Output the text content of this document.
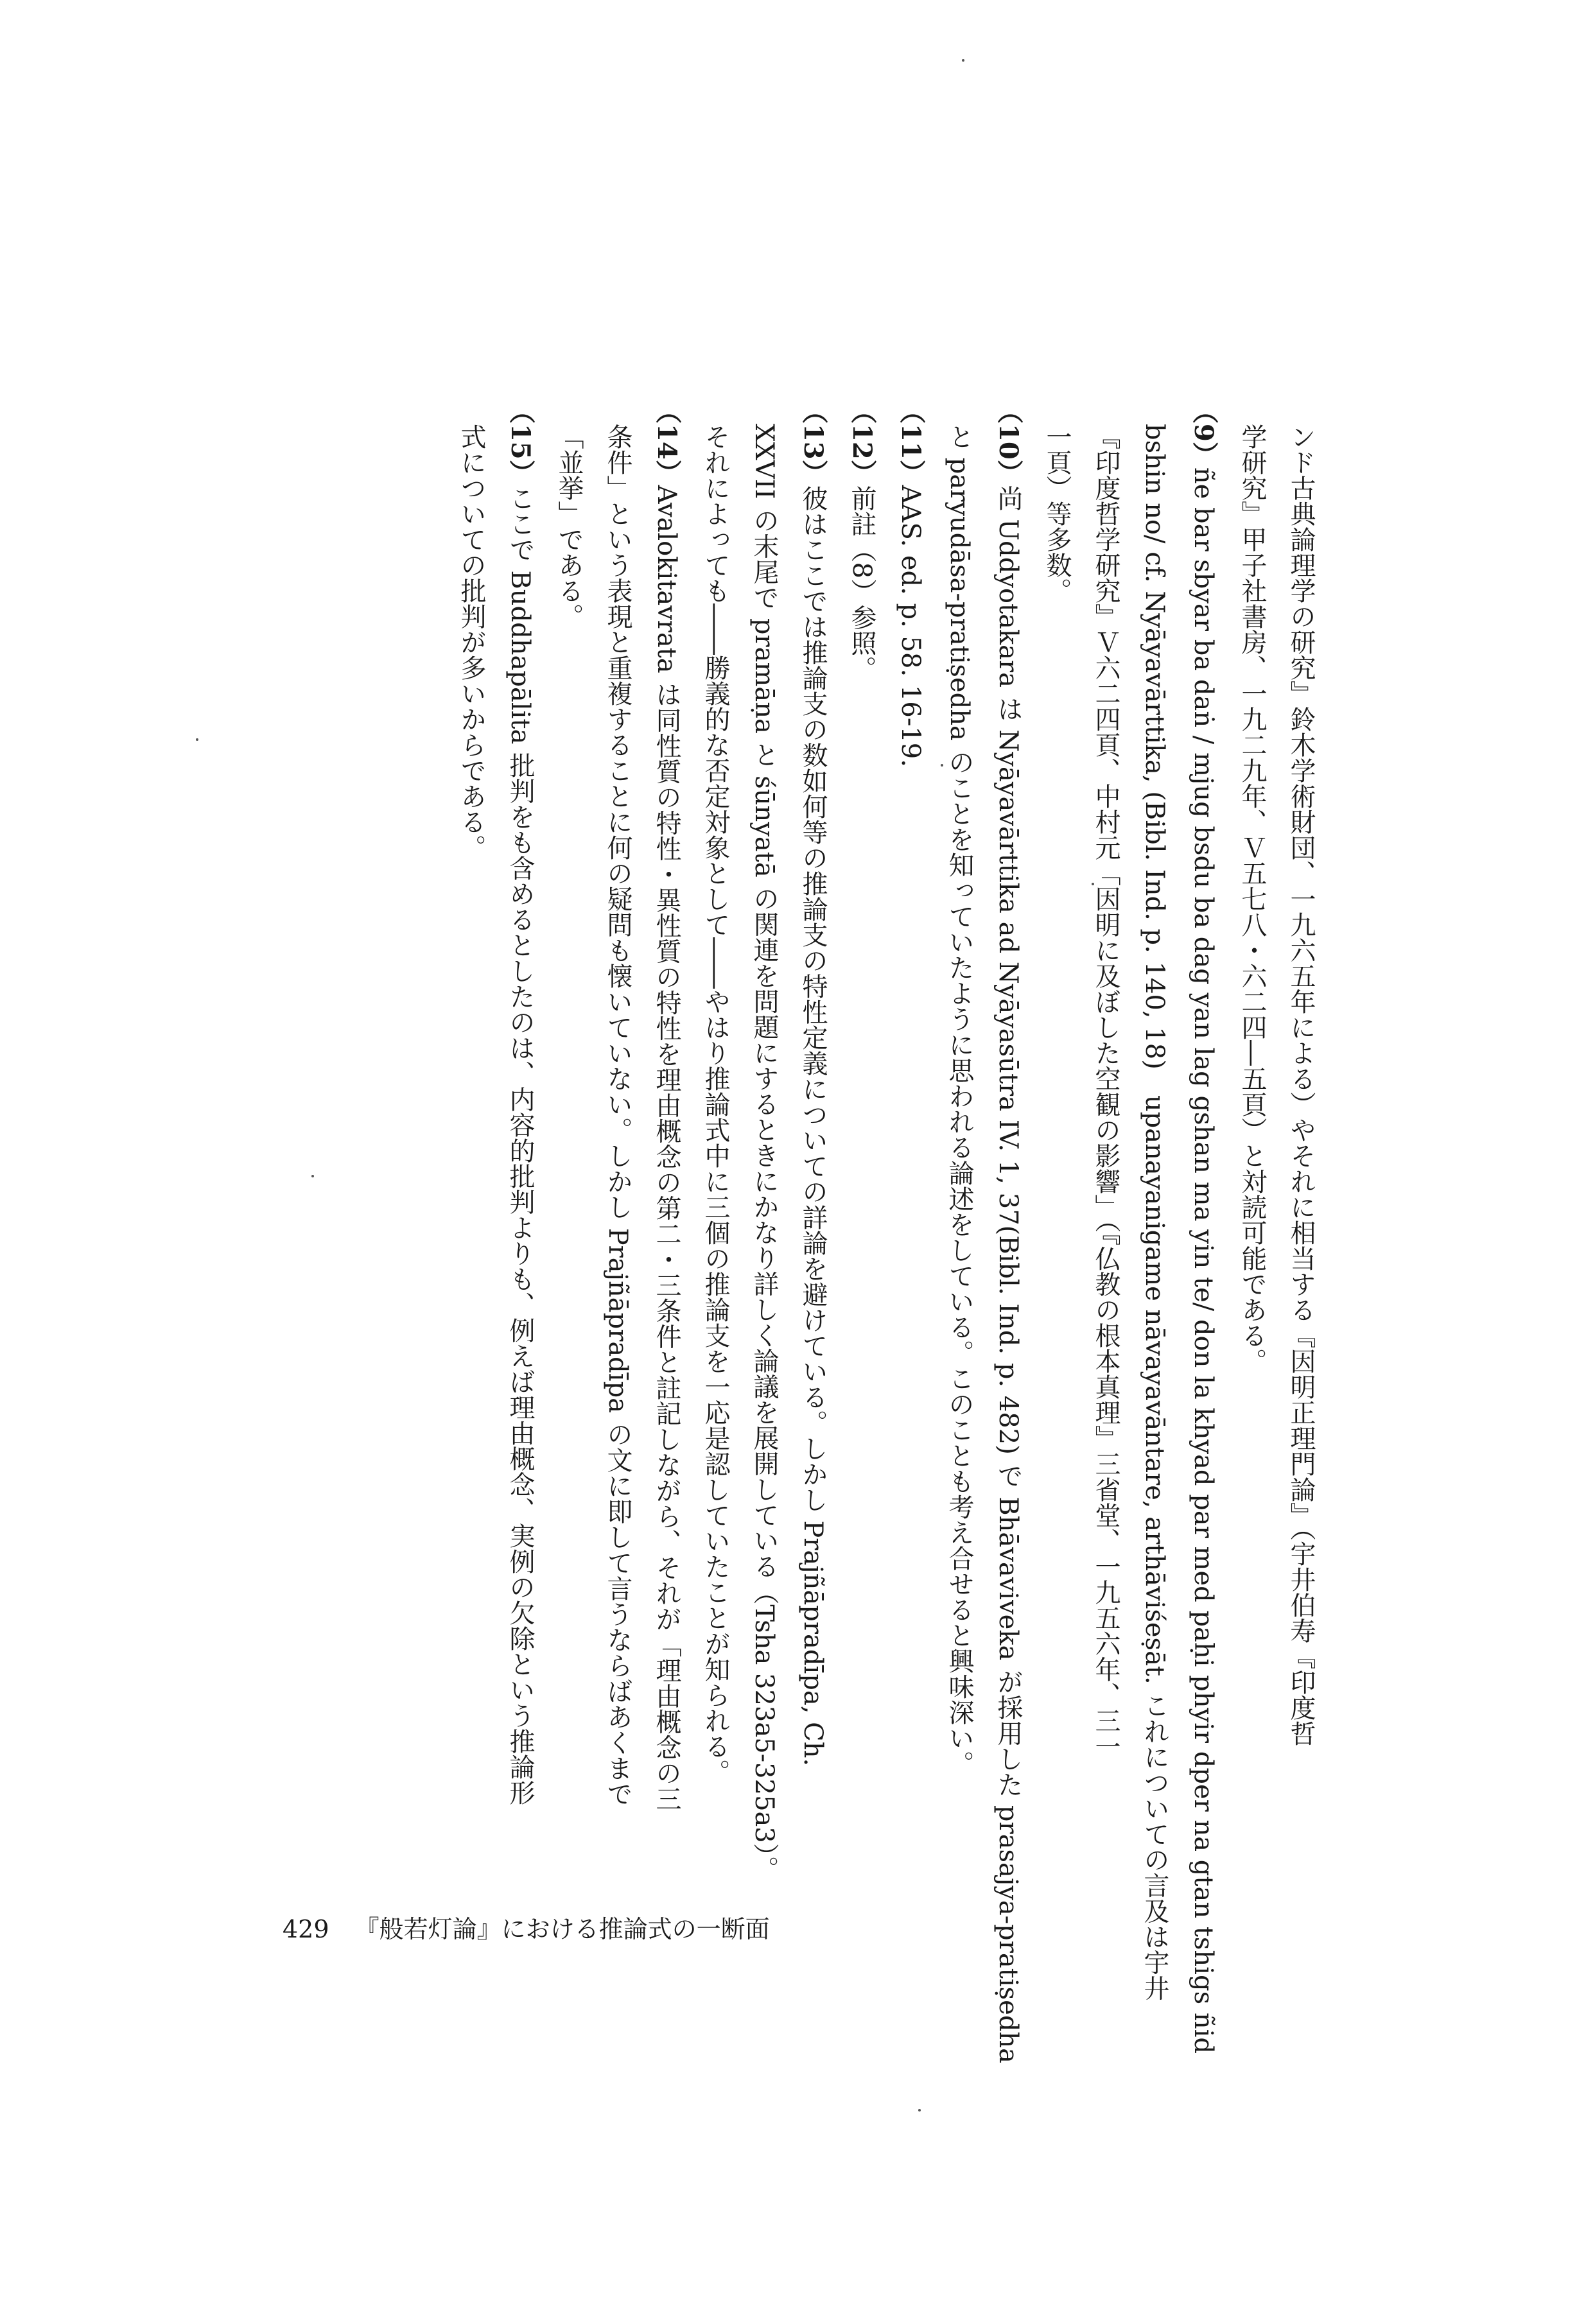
ンド古典論理学の研究』鈴木学術財団、一九六五年による）やそれに相当する『因明正理門論』（宇井伯寿『印度哲
学研究』甲子社書房、一九二九年、Ｖ五七八・六二四―五頁）と対読可能である。
（9）ñe bar sbyar ba daṅ / mjug bsdu ba dag yan lag gshan ma yin te/ don la khyad par med paḥi phyir dper na gtan tshigs ñid
bshin no/ cf. Nyāyavārttika, (Bibl. Ind. p. 140, 18)　upanayanigame nāvayavāntare, arthāviśeṣāt. これについての言及は宇井
『印度哲学研究』Ｖ六二四頁、中村元「因明に及ぼした空観の影響」（『仏教の根本真理』三省堂、一九五六年、三一
一頁）等多数。
（10）尚 Uddyotakara は Nyāyavārttika ad Nyāyasūtra IV. 1, 37(Bibl. Ind. p. 482) で Bhāvaviveka が採用した prasajya-pratiṣedha
と paryudāsa-pratiṣedha のことを知っていたように思われる論述をしている。このことも考え合せると興味深い。
（11）AAS. ed. p. 58. 16-19.
（12）前註（8）参照。
（13）彼はここでは推論支の数如何等の推論支の特性定義についての詳論を避けている。しかし Prajñāpradīpa, Ch.
XXVII の末尾で pramāṇa と śūnyatā の関連を問題にするときにかなり詳しく論議を展開している（Tsha 323a5-325a3）。
それによっても――勝義的な否定対象として――やはり推論式中に三個の推論支を一応是認していたことが知られる。
（14）Avalokitavrata は同性質の特性・異性質の特性を理由概念の第二・三条件と註記しながら、それが「理由概念の三
条件」という表現と重複することに何の疑問も懐いていない。しかし Prajñāpradīpa の文に即して言うならばあくまで
「並挙」である。
（15）ここで Buddhapālita 批判をも含めるとしたのは、内容的批判よりも、例えば理由概念、実例の欠除という推論形
式についての批判が多いからである。
429 『般若灯論』における推論式の一断面
